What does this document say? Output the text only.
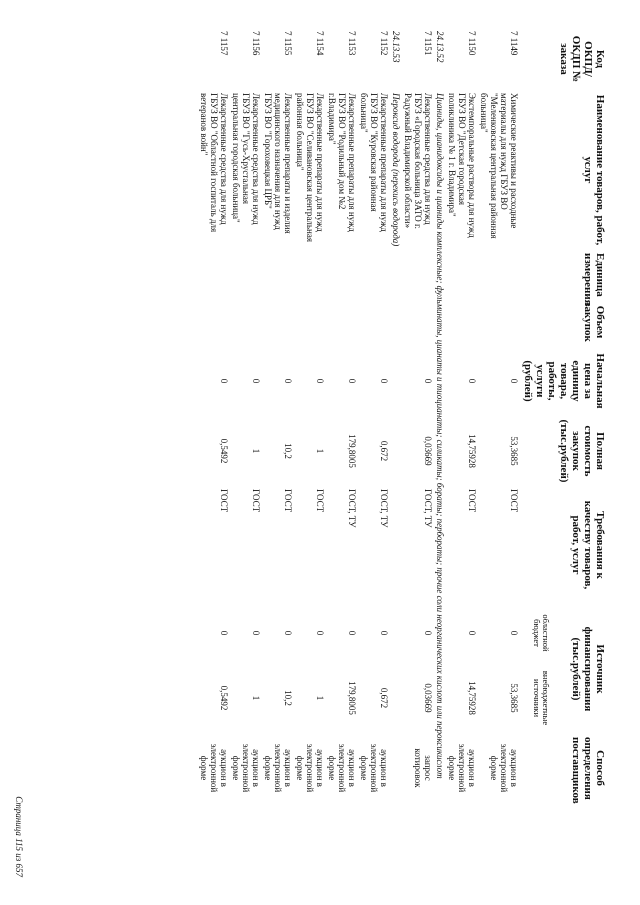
Код ОКПД/ ОКДП № заказа	Наименование товаров, работ, услуг	Единица измерения	Объем закупок	Начальная цена за единицу товара, работы, услуги (рублей)	Полная стоимость закупок (тыс.рублей)	Требования к качеству товаров, работ, услуг	Источник финансирования (тыс.рублей)		Способ определения поставщиков	
							областной бюджет	внебюджетные источники		
7 1149	Химические реактивы и расходные материалы для нужд ГБУЗ ВО "Меленковская центральная районная больница"			0	53,3685	ГОСТ	0	53,3685	аукцион в электронной форме	
7 1150	Экстемпоральные растворы для нужд ГБУЗ ВО "Детская городская поликлиника № 1 г. Владимира"			0	14,75928	ГОСТ	0	14,75928	аукцион в электронной форме	
24.13.52	Цианиды, цианидоксиды и цианиды комплексные; фульминаты, цианаты и тиоцианаты; силикаты; бораты; перборaты; прочие соли неорганических кислот или пероксикислот									
7 1151	Лекарственные средства для нужд ГБУЗ «Городская больница ЗАТО г. Радужный Владимирской области»			0	0,03669	ГОСТ, ТУ	0	0,03669	запрос котировок	
24.13.53	Пероксид водорода (перекись водорода)									
7 1152	Лекарственные препараты для нужд ГБУЗ ВО "Куровская районная больница"			0	0,672	ГОСТ, ТУ	0	0,672	аукцион в электронной форме	
7 1153	Лекарственные препараты для нужд ГБУЗ ВО "Родильный дом №2 г.Владимира"			0	179,8005	ГОСТ, ТУ	0	179,8005	аукцион в электронной форме	
7 1154	Лекарственные препараты для нужд ГБУЗ ВО "Селивановская центральная районная больница"			0	1	ГОСТ	0	1	аукцион в электронной форме	
7 1155	Лекарственные препараты и изделия медицинского назначения для нужд ГБУЗ ВО "Гороховецкая ЦРБ"			0	10,2	ГОСТ	0	10,2	аукцион в электронной форме	
7 1156	Лекарственные средства для нужд ГБУЗ ВО "Гусь-Хрустальная центральная городская больница"			0	1	ГОСТ	0	1	аукцион в электронной форме	
7 1157	Лекарственные средства для нужд ГБУЗ ВО "Областной госпиталь для ветеранов войн"			0	0,5492	ГОСТ	0	0,5492	аукцион в электронной форме	
Страница 115 из 657
